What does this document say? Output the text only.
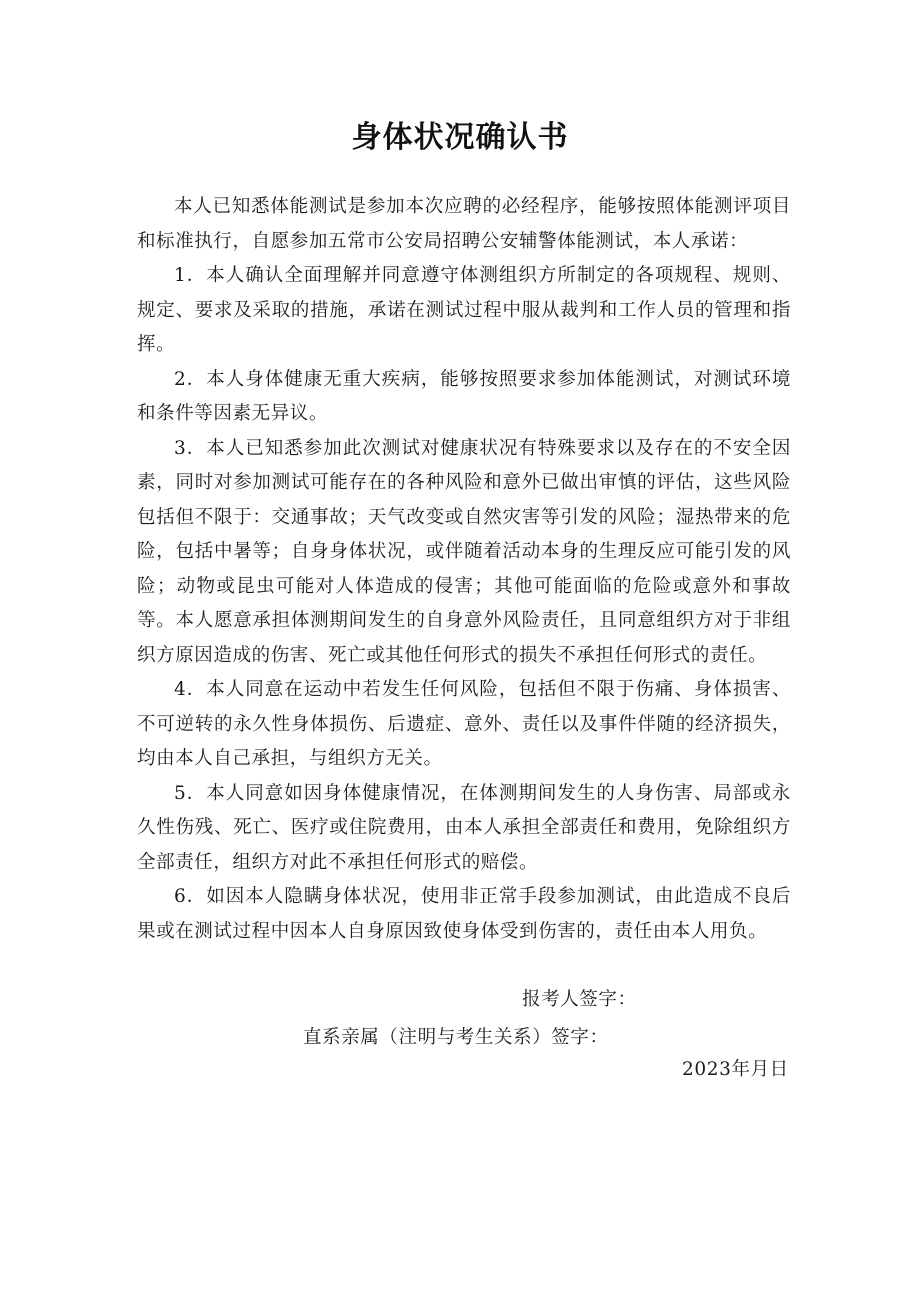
身体状况确认书

本人已知悉体能测试是参加本次应聘的必经程序，能够按照体能测评项目和标准执行，自愿参加五常市公安局招聘公安辅警体能测试，本人承诺：

1．本人确认全面理解并同意遵守体测组织方所制定的各项规程、规则、规定、要求及采取的措施，承诺在测试过程中服从裁判和工作人员的管理和指挥。

2．本人身体健康无重大疾病，能够按照要求参加体能测试，对测试环境和条件等因素无异议。

3．本人已知悉参加此次测试对健康状况有特殊要求以及存在的不安全因素，同时对参加测试可能存在的各种风险和意外已做出审慎的评估，这些风险包括但不限于：交通事故；天气改变或自然灾害等引发的风险；湿热带来的危险，包括中暑等；自身身体状况，或伴随着活动本身的生理反应可能引发的风险；动物或昆虫可能对人体造成的侵害；其他可能面临的危险或意外和事故等。本人愿意承担体测期间发生的自身意外风险责任，且同意组织方对于非组织方原因造成的伤害、死亡或其他任何形式的损失不承担任何形式的责任。

4．本人同意在运动中若发生任何风险，包括但不限于伤痛、身体损害、不可逆转的永久性身体损伤、后遗症、意外、责任以及事件伴随的经济损失，均由本人自己承担，与组织方无关。

5．本人同意如因身体健康情况，在体测期间发生的人身伤害、局部或永久性伤残、死亡、医疗或住院费用，由本人承担全部责任和费用，免除组织方全部责任，组织方对此不承担任何形式的赔偿。

6．如因本人隐瞒身体状况，使用非正常手段参加测试，由此造成不良后果或在测试过程中因本人自身原因致使身体受到伤害的，责任由本人用负。

报考人签字：
直系亲属（注明与考生关系）签字：
2023年月日
